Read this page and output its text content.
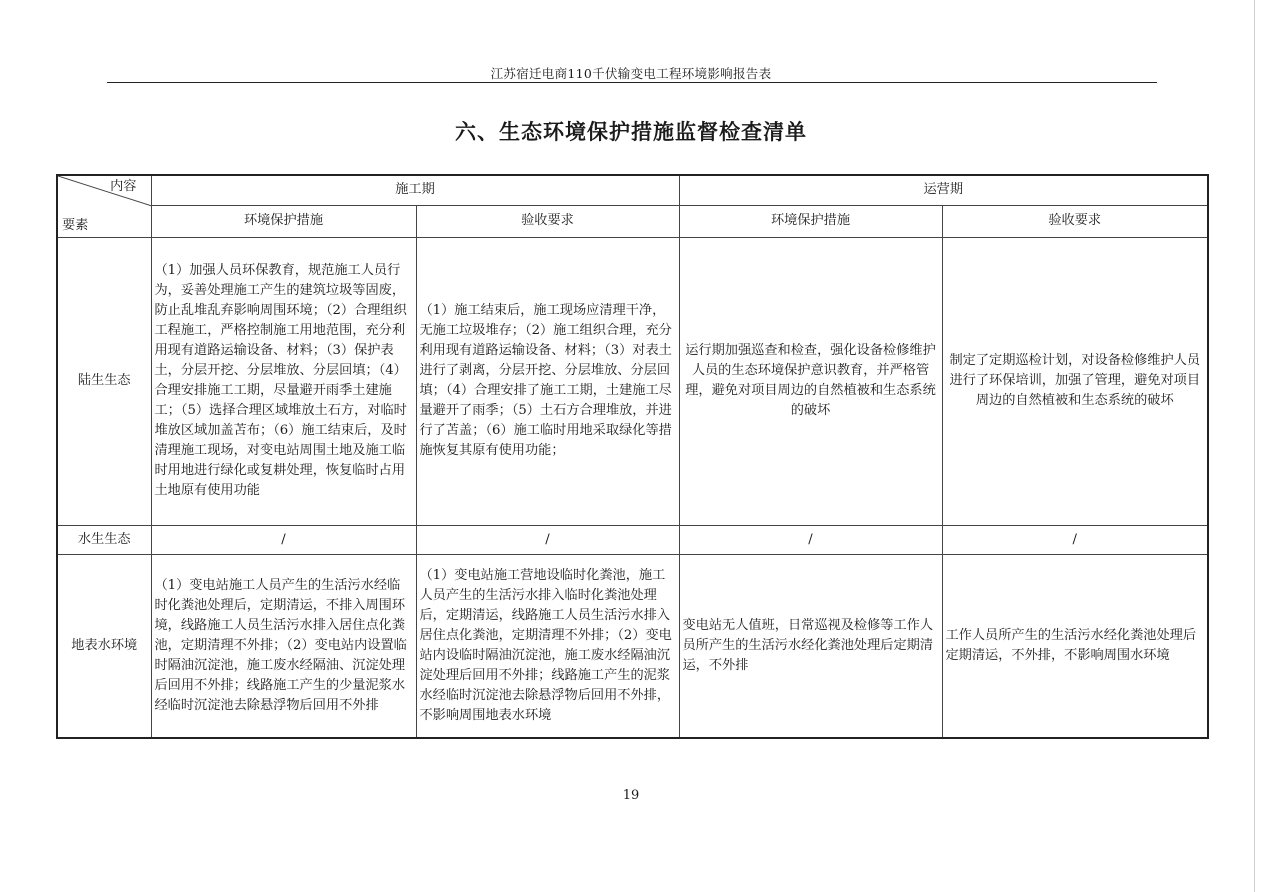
江苏宿迁电商110千伏输变电工程环境影响报告表
六、生态环境保护措施监督检查清单
内容
要素	施工期		运营期	
	环境保护措施	验收要求	环境保护措施	验收要求
陆生生态	（1）加强人员环保教育，规范施工人员行为，妥善处理施工产生的建筑垃圾等固废，防止乱堆乱弃影响周围环境；（2）合理组织工程施工，严格控制施工用地范围，充分利用现有道路运输设备、材料；（3）保护表土，分层开挖、分层堆放、分层回填；（4）合理安排施工工期，尽量避开雨季土建施工；（5）选择合理区域堆放土石方，对临时堆放区域加盖苫布；（6）施工结束后，及时清理施工现场，对变电站周围土地及施工临时用地进行绿化或复耕处理，恢复临时占用土地原有使用功能	（1）施工结束后，施工现场应清理干净，无施工垃圾堆存；（2）施工组织合理，充分利用现有道路运输设备、材料；（3）对表土进行了剥离，分层开挖、分层堆放、分层回填；（4）合理安排了施工工期，土建施工尽量避开了雨季；（5）土石方合理堆放，并进行了苫盖；（6）施工临时用地采取绿化等措施恢复其原有使用功能；	运行期加强巡查和检查，强化设备检修维护人员的生态环境保护意识教育，并严格管理，避免对项目周边的自然植被和生态系统的破坏	制定了定期巡检计划，对设备检修维护人员进行了环保培训，加强了管理，避免对项目周边的自然植被和生态系统的破坏
水生生态	/	/	/	/
地表水环境	（1）变电站施工人员产生的生活污水经临时化粪池处理后，定期清运，不排入周围环境，线路施工人员生活污水排入居住点化粪池，定期清理不外排；（2）变电站内设置临时隔油沉淀池，施工废水经隔油、沉淀处理后回用不外排；线路施工产生的少量泥浆水经临时沉淀池去除悬浮物后回用不外排	（1）变电站施工营地设临时化粪池，施工人员产生的生活污水排入临时化粪池处理后，定期清运，线路施工人员生活污水排入居住点化粪池，定期清理不外排；（2）变电站内设临时隔油沉淀池，施工废水经隔油沉淀处理后回用不外排；线路施工产生的泥浆水经临时沉淀池去除悬浮物后回用不外排，不影响周围地表水环境	变电站无人值班，日常巡视及检修等工作人员所产生的生活污水经化粪池处理后定期清运，不外排	工作人员所产生的生活污水经化粪池处理后定期清运，不外排，不影响周围水环境
19
